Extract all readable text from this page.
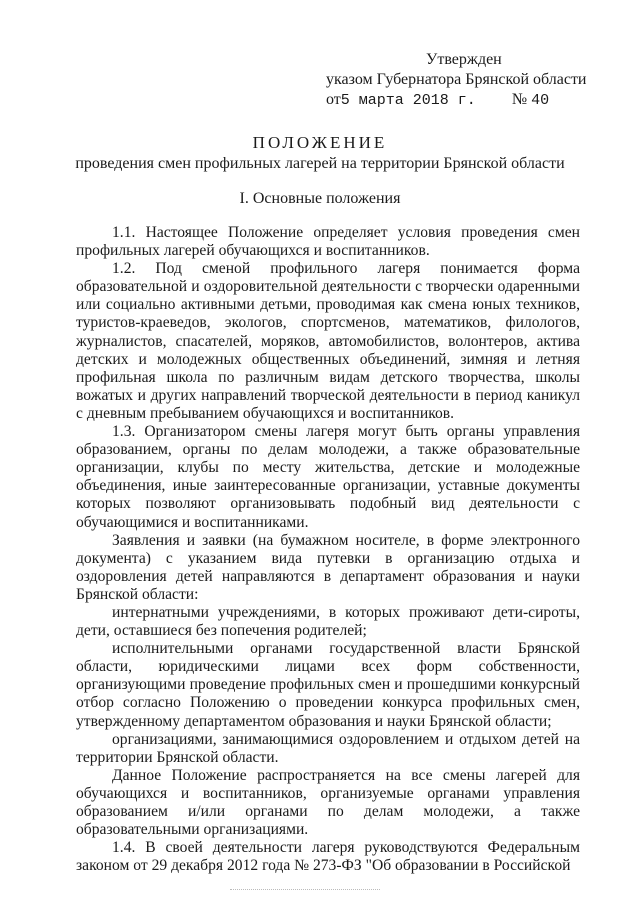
Утвержден
указом Губернатора Брянской области
от5 марта 2018 г. № 40
ПОЛОЖЕНИЕ
проведения смен профильных лагерей на территории Брянской области
I. Основные положения

1.1. Настоящее Положение определяет условия проведения смен профильных лагерей обучающихся и воспитанников.

1.2. Под сменой профильного лагеря понимается форма образовательной и оздоровительной деятельности с творчески одаренными или социально активными детьми, проводимая как смена юных техников, туристов-краеведов, экологов, спортсменов, математиков, филологов, журналистов, спасателей, моряков, автомобилистов, волонтеров, актива детских и молодежных общественных объединений, зимняя и летняя профильная школа по различным видам детского творчества, школы вожатых и других направлений творческой деятельности в период каникул с дневным пребыванием обучающихся и воспитанников.

1.3. Организатором смены лагеря могут быть органы управления образованием, органы по делам молодежи, а также образовательные организации, клубы по месту жительства, детские и молодежные объединения, иные заинтересованные организации, уставные документы которых позволяют организовывать подобный вид деятельности с обучающимися и воспитанниками.

Заявления и заявки (на бумажном носителе, в форме электронного документа) с указанием вида путевки в организацию отдыха и оздоровления детей направляются в департамент образования и науки Брянской области:

интернатными учреждениями, в которых проживают дети-сироты, дети, оставшиеся без попечения родителей;

исполнительными органами государственной власти Брянской области, юридическими лицами всех форм собственности, организующими проведение профильных смен и прошедшими конкурсный отбор согласно Положению о проведении конкурса профильных смен, утвержденному департаментом образования и науки Брянской области;

организациями, занимающимися оздоровлением и отдыхом детей на территории Брянской области.

Данное Положение распространяется на все смены лагерей для обучающихся и воспитанников, организуемые органами управления образованием и/или органами по делам молодежи, а также образовательными организациями.

1.4. В своей деятельности лагеря руководствуются Федеральным законом от 29 декабря 2012 года № 273-ФЗ "Об образовании в Российской
